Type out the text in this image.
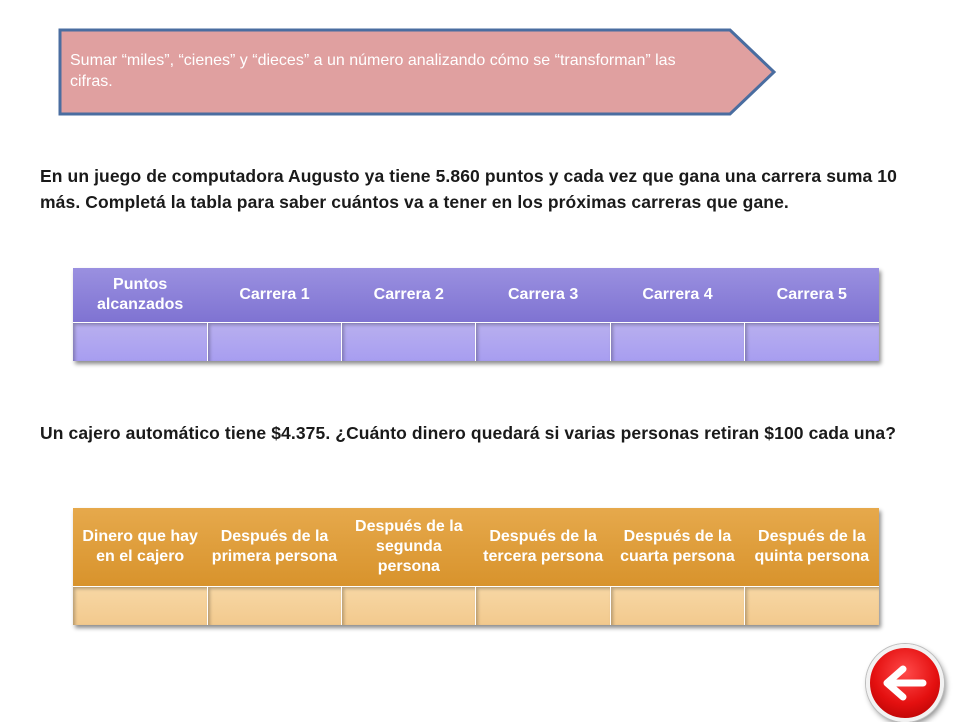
Sumar “miles”, “cienes” y “dieces” a un número analizando cómo se “transforman” las cifras.
En un juego de computadora Augusto ya tiene 5.860 puntos y cada vez que gana una carrera suma 10 más. Completá la tabla para saber cuántos va a tener en los próximas carreras que gane.
Puntos alcanzados	Carrera 1	Carrera 2	Carrera 3	Carrera 4	Carrera 5

Un cajero automático tiene $4.375. ¿Cuánto dinero quedará si varias personas retiran $100 cada una?
Dinero que hay en el cajero	Después de la primera persona	Después de la segunda persona	Después de la tercera persona	Después de la cuarta persona	Después de la quinta persona
